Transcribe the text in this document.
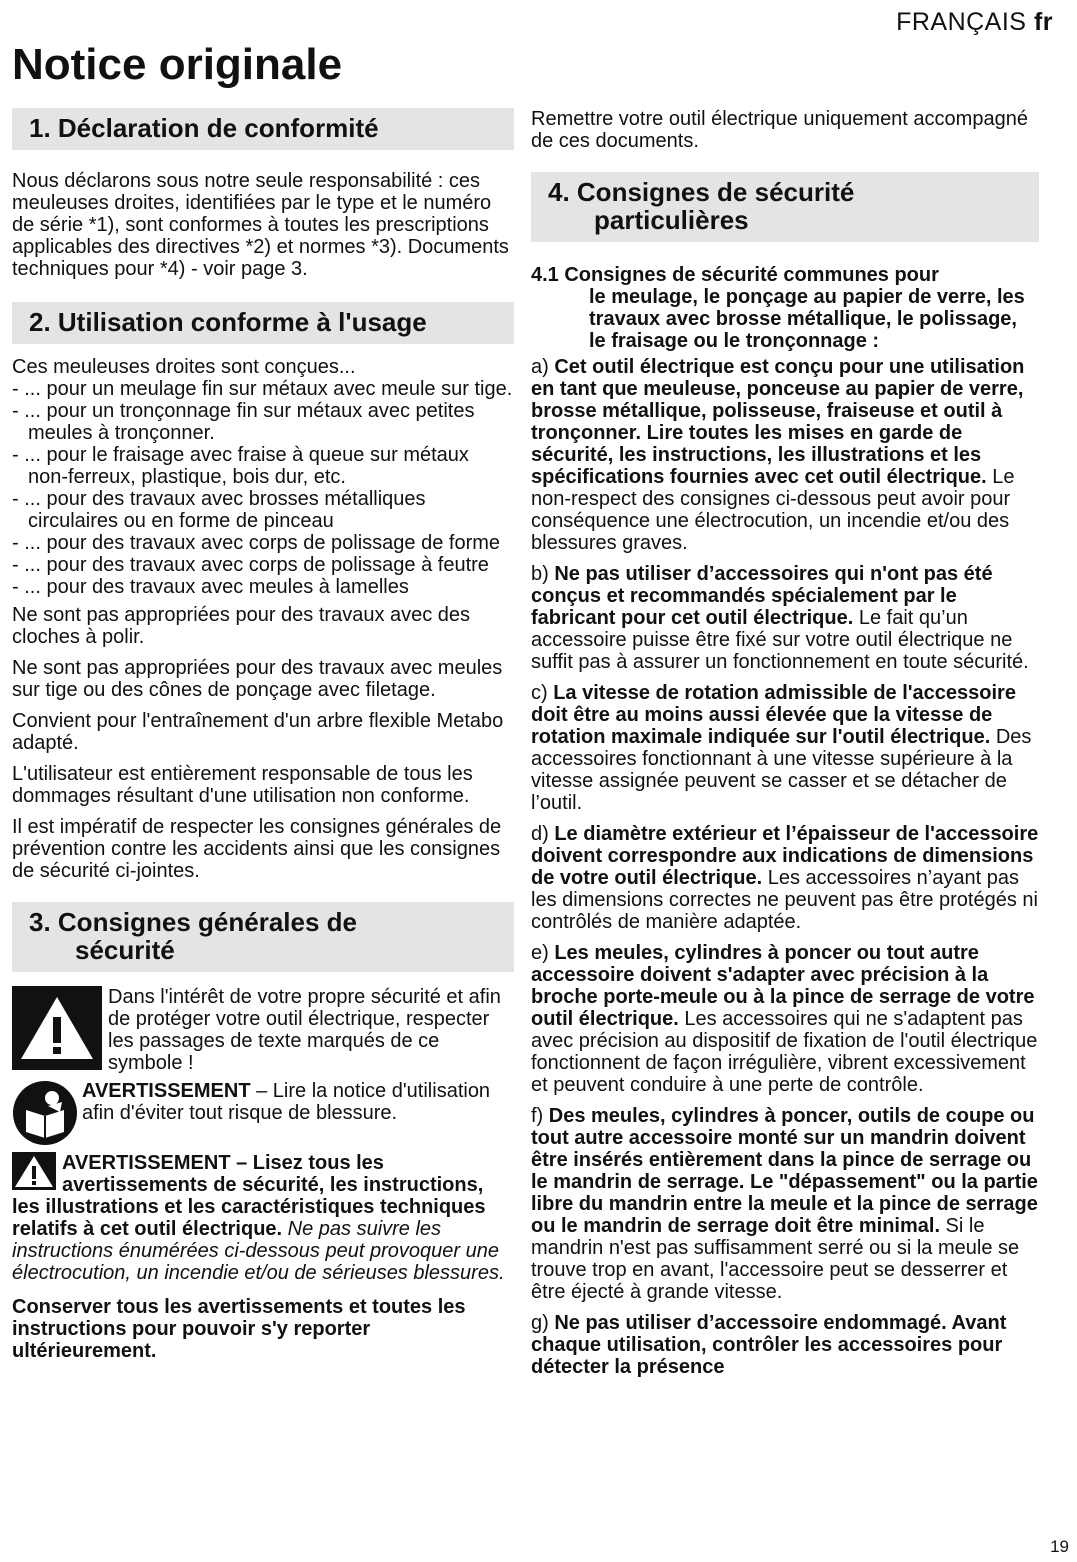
FRANÇAIS fr
Notice originale
1. Déclaration de conformité

Nous déclarons sous notre seule responsabilité : ces meuleuses droites, identifiées par le type et le numéro de série *1), sont conformes à toutes les prescriptions applicables des directives *2) et normes *3). Documents techniques pour *4) - voir page 3.

2. Utilisation conforme à l'usage

Ces meuleuses droites sont conçues...

- ... pour un meulage fin sur métaux avec meule sur tige.
- ... pour un tronçonnage fin sur métaux avec petites meules à tronçonner.
- ... pour le fraisage avec fraise à queue sur métaux non-ferreux, plastique, bois dur, etc.
- ... pour des travaux avec brosses métalliques circulaires ou en forme de pinceau
- ... pour des travaux avec corps de polissage de forme
- ... pour des travaux avec corps de polissage à feutre
- ... pour des travaux avec meules à lamelles

Ne sont pas appropriées pour des travaux avec des cloches à polir.

Ne sont pas appropriées pour des travaux avec meules sur tige ou des cônes de ponçage avec filetage.

Convient pour l'entraînement d'un arbre flexible Metabo adapté.

L'utilisateur est entièrement responsable de tous les dommages résultant d'une utilisation non conforme.

Il est impératif de respecter les consignes générales de prévention contre les accidents ainsi que les consignes de sécurité ci-jointes.

3. Consignes générales de
sécurité
Dans l'intérêt de votre propre sécurité et afin de protéger votre outil électrique, respecter les passages de texte marqués de ce symbole !
AVERTISSEMENT – Lire la notice d'utilisation afin d'éviter tout risque de blessure.

AVERTISSEMENT – Lisez tous les avertissements de sécurité, les instructions, les illustrations et les caractéristiques techniques relatifs à cet outil électrique. Ne pas suivre les instructions énumérées ci-dessous peut provoquer une électrocution, un incendie et/ou de sérieuses blessures.

Conserver tous les avertissements et toutes les instructions pour pouvoir s'y reporter ultérieurement.

Remettre votre outil électrique uniquement accompagné de ces documents.

4. Consignes de sécurité
particulières
4.1 Consignes de sécurité communes pour
le meulage, le ponçage au papier de verre, les travaux avec brosse métallique, le polissage, le fraisage ou le tronçonnage :

a) Cet outil électrique est conçu pour une utilisation en tant que meuleuse, ponceuse au papier de verre, brosse métallique, polisseuse, fraiseuse et outil à tronçonner. Lire toutes les mises en garde de sécurité, les instructions, les illustrations et les spécifications fournies avec cet outil électrique. Le non-respect des consignes ci-dessous peut avoir pour conséquence une électrocution, un incendie et/ou des blessures graves.

b) Ne pas utiliser d’accessoires qui n'ont pas été conçus et recommandés spécialement par le fabricant pour cet outil électrique. Le fait qu’un accessoire puisse être fixé sur votre outil électrique ne suffit pas à assurer un fonctionnement en toute sécurité.

c) La vitesse de rotation admissible de l'accessoire doit être au moins aussi élevée que la vitesse de rotation maximale indiquée sur l'outil électrique. Des accessoires fonctionnant à une vitesse supérieure à la vitesse assignée peuvent se casser et se détacher de l’outil.

d) Le diamètre extérieur et l’épaisseur de l'accessoire doivent correspondre aux indications de dimensions de votre outil électrique. Les accessoires n’ayant pas les dimensions correctes ne peuvent pas être protégés ni contrôlés de manière adaptée.

e) Les meules, cylindres à poncer ou tout autre accessoire doivent s'adapter avec précision à la broche porte-meule ou à la pince de serrage de votre outil électrique. Les accessoires qui ne s'adaptent pas avec précision au dispositif de fixation de l'outil électrique fonctionnent de façon irrégulière, vibrent excessivement et peuvent conduire à une perte de contrôle.

f) Des meules, cylindres à poncer, outils de coupe ou tout autre accessoire monté sur un mandrin doivent être insérés entièrement dans la pince de serrage ou le mandrin de serrage. Le "dépassement" ou la partie libre du mandrin entre la meule et la pince de serrage ou le mandrin de serrage doit être minimal. Si le mandrin n'est pas suffisamment serré ou si la meule se trouve trop en avant, l'accessoire peut se desserrer et être éjecté à grande vitesse.

g) Ne pas utiliser d’accessoire endommagé. Avant chaque utilisation, contrôler les accessoires pour détecter la présence

19
